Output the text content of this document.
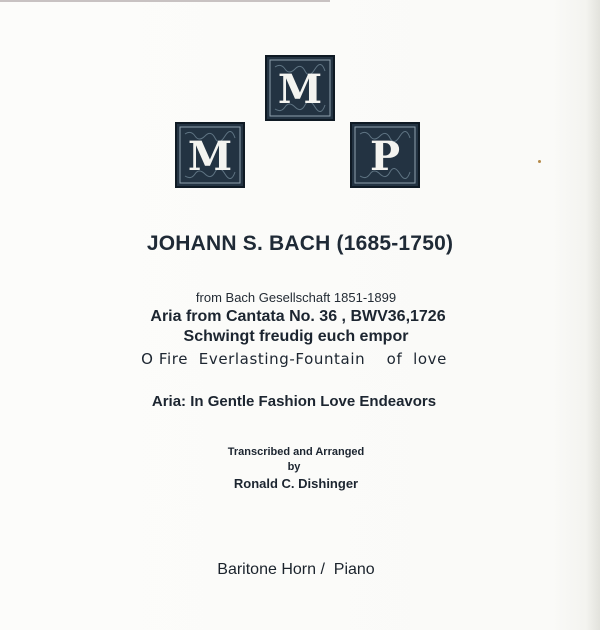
M
M	P
JOHANN S. BACH (1685-1750)
from Bach Gesellschaft 1851-1899
Aria from Cantata No. 36 , BWV36,1726
Schwingt freudig euch empor
O Fire  Everlasting-Fountain    of  love
Aria: In Gentle Fashion Love Endeavors
Transcribed and Arranged
by
Ronald C. Dishinger
Baritone Horn /  Piano
